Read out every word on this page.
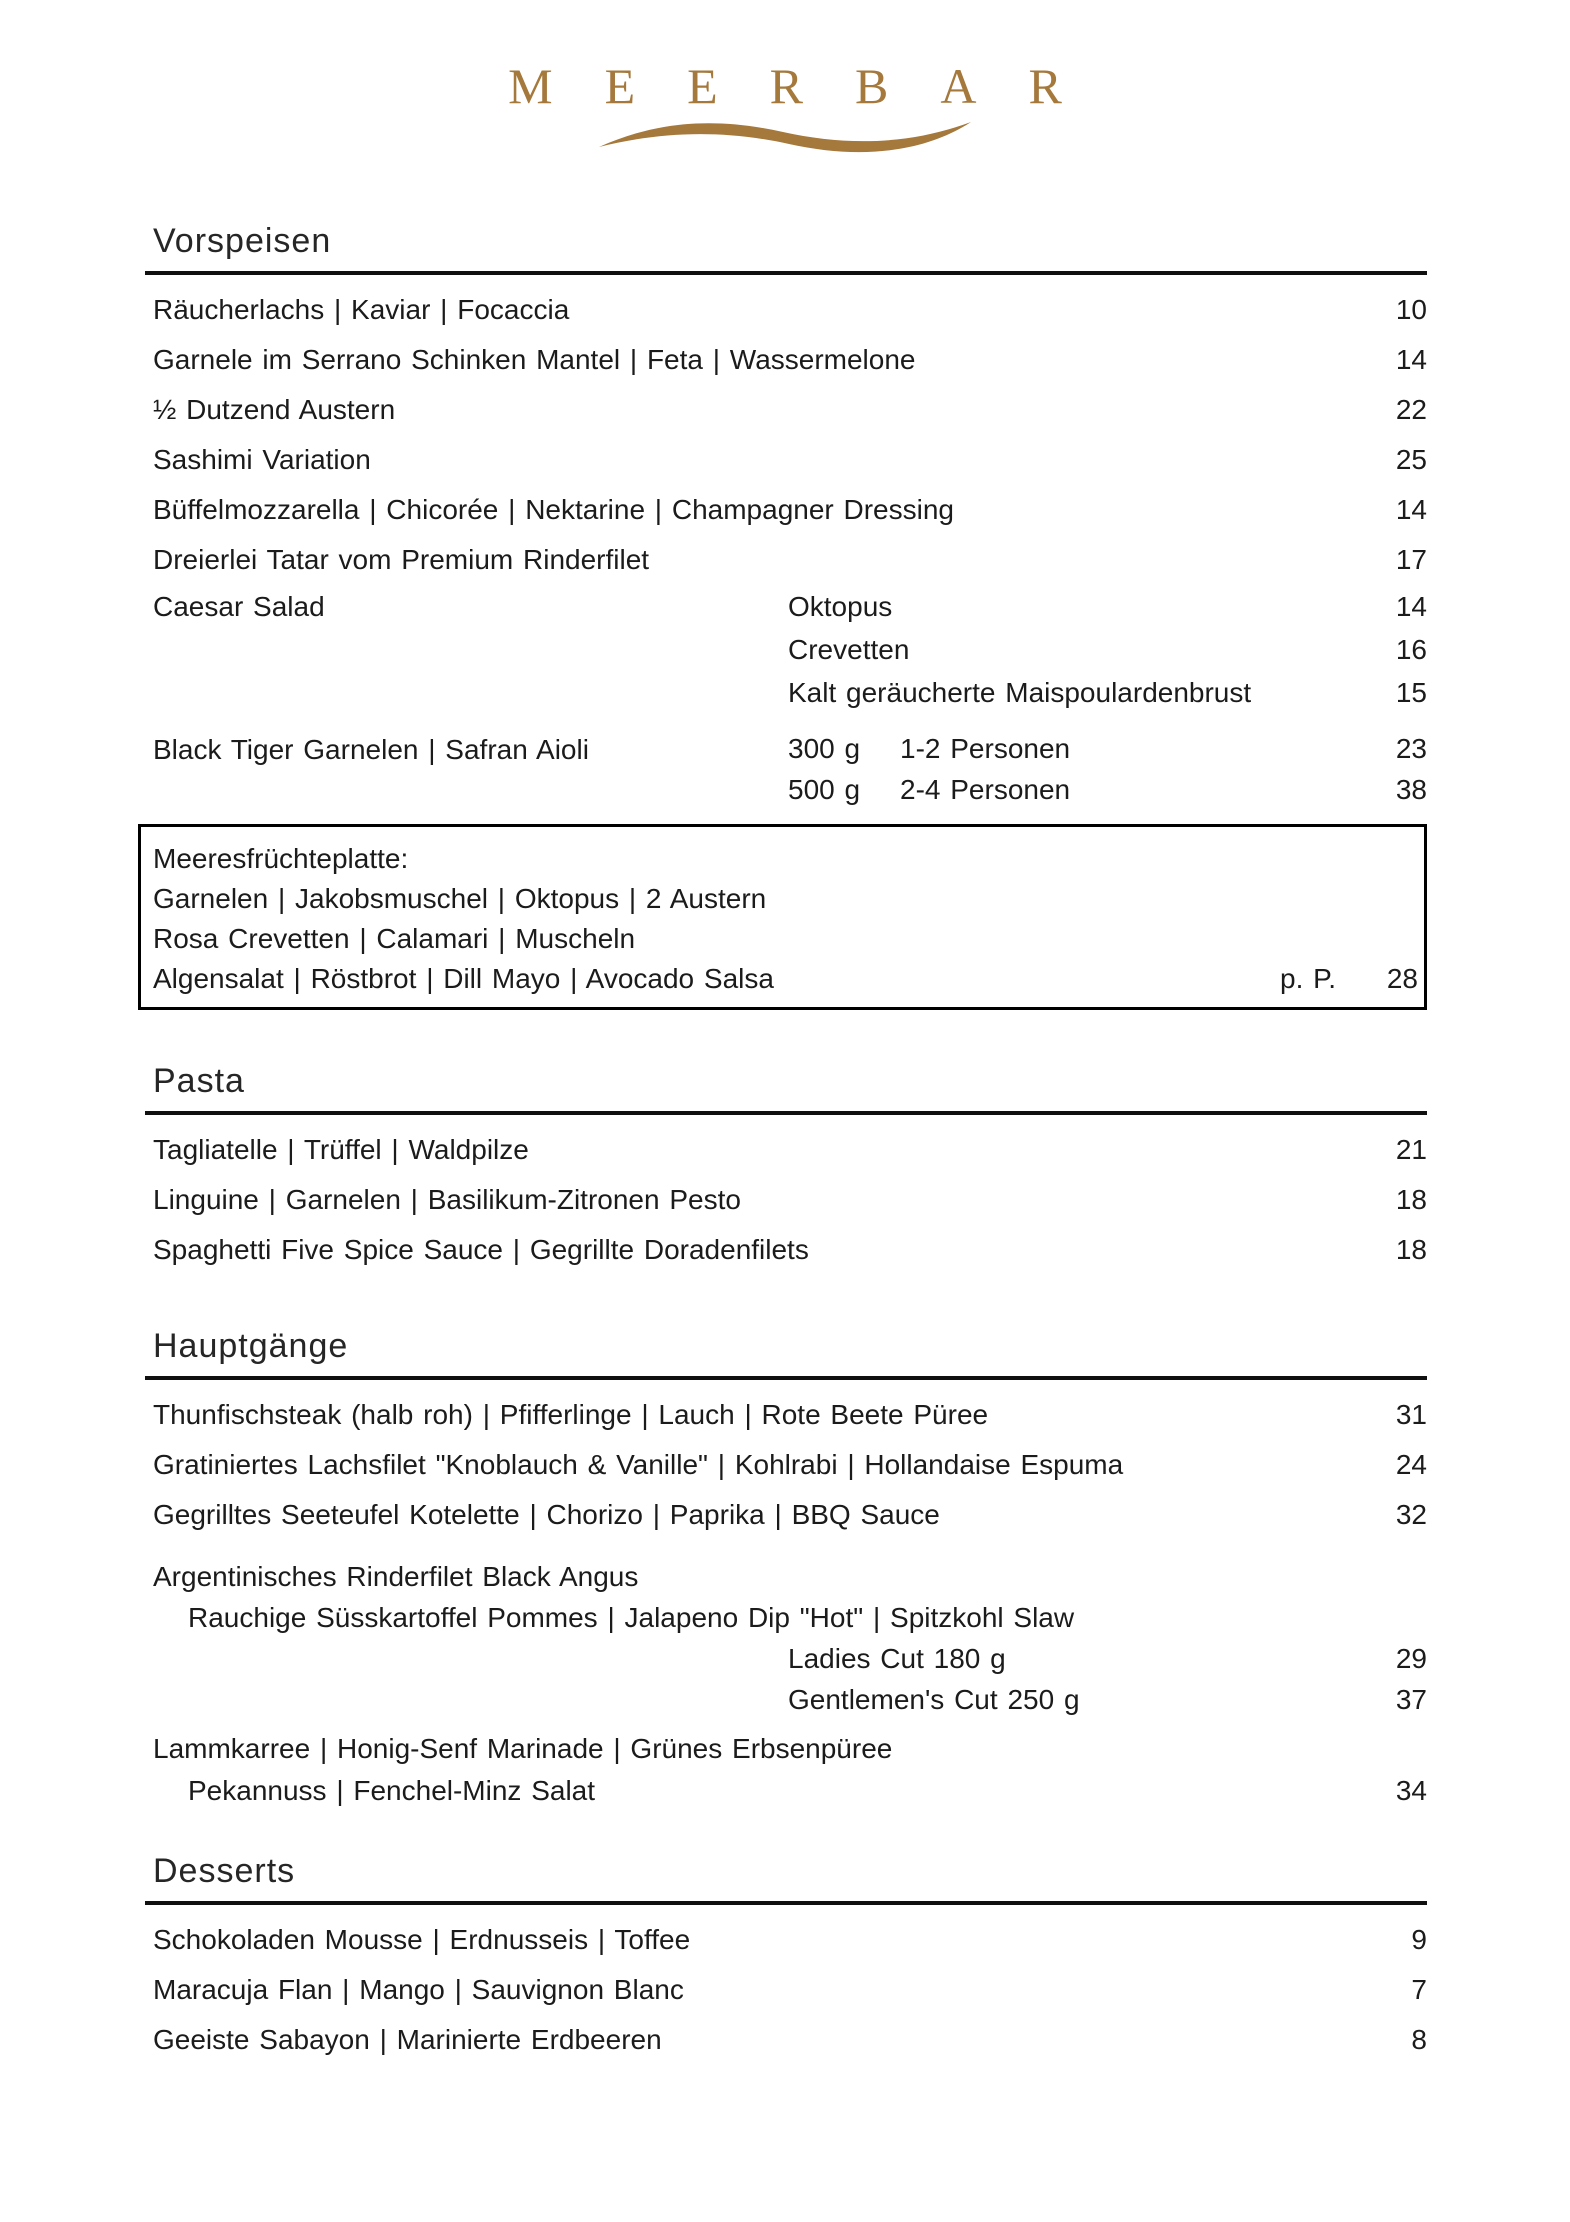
MEERBAR
Vorspeisen
Räucherlachs | Kaviar | Focaccia	10
Garnele im Serrano Schinken Mantel | Feta | Wassermelone	14
½ Dutzend Austern	22
Sashimi Variation	25
Büffelmozzarella | Chicorée | Nektarine | Champagner Dressing	14
Dreierlei Tatar vom Premium Rinderfilet	17
Caesar Salad	Oktopus	14
Crevetten	16
Kalt geräucherte Maispoulardenbrust	15
Black Tiger Garnelen | Safran Aioli	300 g	1-2 Personen	23
500 g	2-4 Personen	38
Meeresfrüchteplatte:
Garnelen | Jakobsmuschel | Oktopus | 2 Austern
Rosa Crevetten | Calamari | Muscheln
Algensalat | Röstbrot | Dill Mayo | Avocado Salsa	p. P.	28
Pasta
Tagliatelle | Trüffel | Waldpilze	21
Linguine | Garnelen | Basilikum-Zitronen Pesto	18
Spaghetti Five Spice Sauce | Gegrillte Doradenfilets	18
Hauptgänge
Thunfischsteak (halb roh) | Pfifferlinge | Lauch | Rote Beete Püree	31
Gratiniertes Lachsfilet "Knoblauch & Vanille" | Kohlrabi | Hollandaise Espuma	24
Gegrilltes Seeteufel Kotelette | Chorizo | Paprika | BBQ Sauce	32
Argentinisches Rinderfilet Black Angus
Rauchige Süsskartoffel Pommes | Jalapeno Dip "Hot" | Spitzkohl Slaw
Ladies Cut 180 g	29
Gentlemen's Cut 250 g	37
Lammkarree | Honig-Senf Marinade | Grünes Erbsenpüree
Pekannuss | Fenchel-Minz Salat	34
Desserts
Schokoladen Mousse | Erdnusseis | Toffee	9
Maracuja Flan | Mango | Sauvignon Blanc	7
Geeiste Sabayon | Marinierte Erdbeeren	8
